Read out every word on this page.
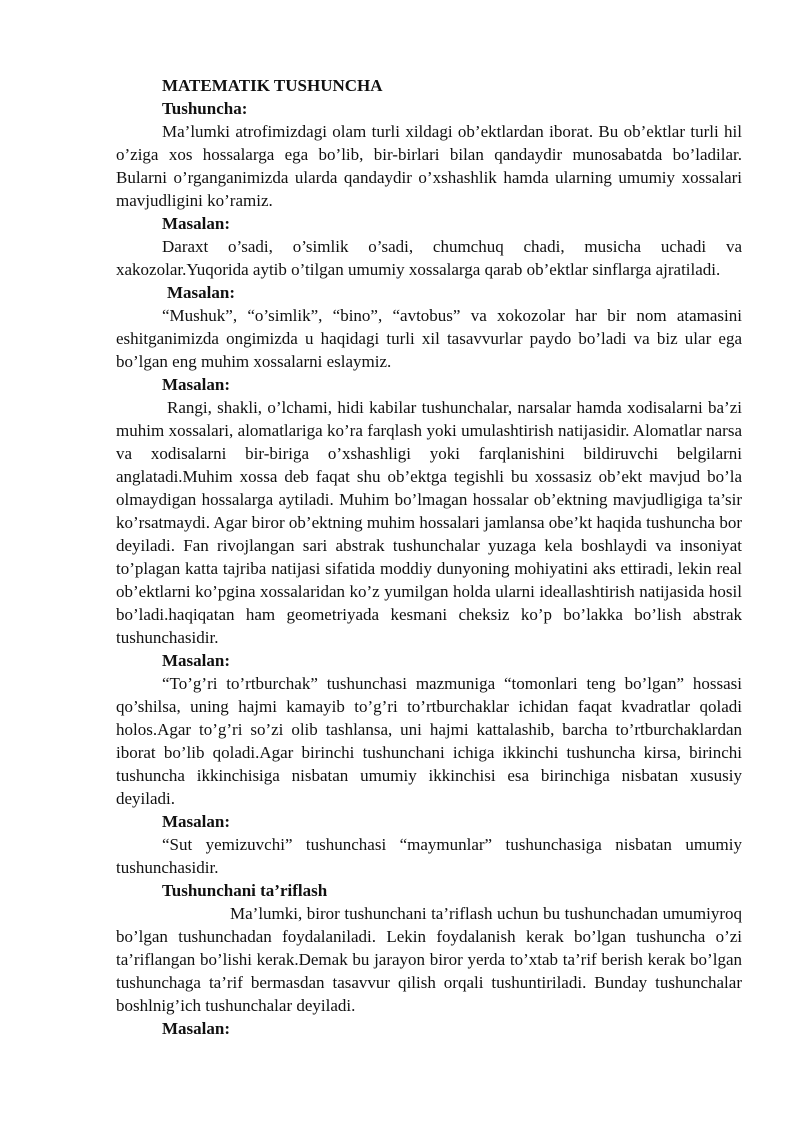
MATEMATIK TUSHUNCHA

Tushuncha:

Ma’lumki atrofimizdagi olam turli xildagi ob’ektlardan iborat. Bu ob’ektlar turli hil o’ziga xos hossalarga ega bo’lib, bir-birlari bilan qandaydir munosabatda bo’ladilar. Bularni o’rganganimizda ularda qandaydir o’xshashlik hamda ularning umumiy xossalari mavjudligini ko’ramiz.

Masalan:

Daraxt o’sadi, o’simlik o’sadi, chumchuq chadi, musicha uchadi va xakozolar.Yuqorida aytib o’tilgan umumiy xossalarga qarab ob’ektlar sinflarga ajratiladi.

Masalan:

“Mushuk”, “o’simlik”, “bino”, “avtobus” va xokozolar har bir nom atamasini eshitganimizda ongimizda u haqidagi turli xil tasavvurlar paydo bo’ladi va biz ular ega bo’lgan eng muhim xossalarni eslaymiz.

Masalan:

Rangi, shakli, o’lchami, hidi kabilar tushunchalar, narsalar hamda xodisalarni ba’zi muhim xossalari, alomatlariga ko’ra farqlash yoki umulashtirish natijasidir. Alomatlar narsa va xodisalarni bir-biriga o’xshashligi yoki farqlanishini bildiruvchi belgilarni anglatadi.Muhim xossa deb faqat shu ob’ektga tegishli bu xossasiz ob’ekt mavjud bo’la olmaydigan hossalarga aytiladi. Muhim bo’lmagan hossalar ob’ektning mavjudligiga ta’sir ko’rsatmaydi. Agar biror ob’ektning muhim hossalari jamlansa obe’kt haqida tushuncha bor deyiladi. Fan rivojlangan sari abstrak tushunchalar yuzaga kela boshlaydi va insoniyat to’plagan katta tajriba natijasi sifatida moddiy dunyoning mohiyatini aks ettiradi, lekin real ob’ektlarni ko’pgina xossalaridan ko’z yumilgan holda ularni ideallashtirish natijasida hosil bo’ladi.haqiqatan ham geometriyada kesmani cheksiz ko’p bo’lakka bo’lish abstrak tushunchasidir.

Masalan:

“To’g’ri to’rtburchak” tushunchasi mazmuniga “tomonlari teng bo’lgan” hossasi qo’shilsa, uning hajmi kamayib to’g’ri to’rtburchaklar ichidan faqat kvadratlar qoladi holos.Agar to’g’ri so’zi olib tashlansa, uni hajmi kattalashib, barcha to’rtburchaklardan iborat bo’lib qoladi.Agar birinchi tushunchani ichiga ikkinchi tushuncha kirsa, birinchi tushuncha ikkinchisiga nisbatan umumiy ikkinchisi esa birinchiga nisbatan xususiy deyiladi.

Masalan:

“Sut yemizuvchi” tushunchasi “maymunlar” tushunchasiga nisbatan umumiy tushunchasidir.

Tushunchani ta’riflash

Ma’lumki, biror tushunchani ta’riflash uchun bu tushunchadan umumiyroq bo’lgan tushunchadan foydalaniladi. Lekin foydalanish kerak bo’lgan tushuncha o’zi ta’riflangan bo’lishi kerak.Demak bu jarayon biror yerda to’xtab ta’rif berish kerak bo’lgan tushunchaga ta’rif bermasdan tasavvur qilish orqali tushuntiriladi. Bunday tushunchalar boshlnig’ich tushunchalar deyiladi.

Masalan:
